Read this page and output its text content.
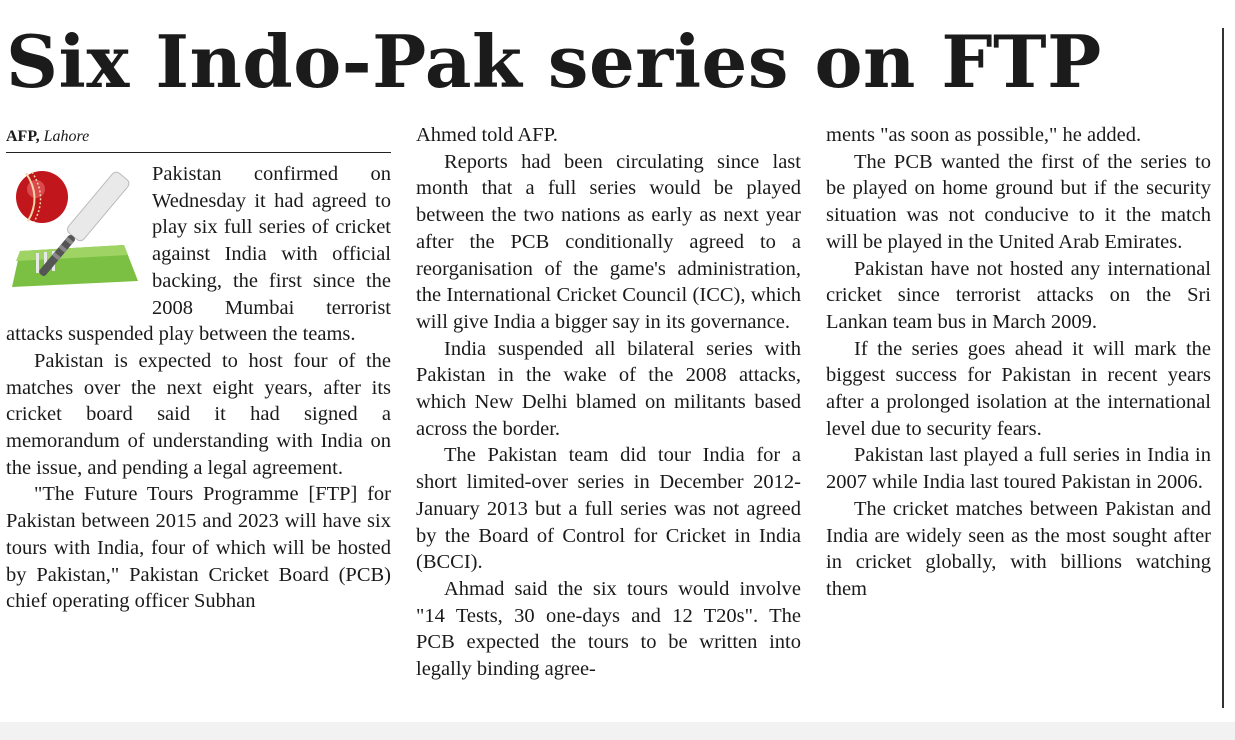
Six Indo-Pak series on FTP
AFP, Lahore

Pakistan confirmed on Wednesday it had agreed to play six full series of cricket against India with official backing, the first since the 2008 Mumbai terrorist attacks suspended play between the teams.

Pakistan is expected to host four of the matches over the next eight years, after its cricket board said it had signed a memorandum of understanding with India on the issue, and pending a legal agreement.

"The Future Tours Programme [FTP] for Pakistan between 2015 and 2023 will have six tours with India, four of which will be hosted by Pakistan," Pakistan Cricket Board (PCB) chief operating officer Subhan

Ahmed told AFP.

Reports had been circulating since last month that a full series would be played between the two nations as early as next year after the PCB conditionally agreed to a reorganisation of the game's administration, the International Cricket Council (ICC), which will give India a bigger say in its governance.

India suspended all bilateral series with Pakistan in the wake of the 2008 attacks, which New Delhi blamed on militants based across the border.

The Pakistan team did tour India for a short limited-over series in December 2012-January 2013 but a full series was not agreed by the Board of Control for Cricket in India (BCCI).

Ahmad said the six tours would involve "14 Tests, 30 one-days and 12 T20s". The PCB expected the tours to be written into legally binding agree-

ments "as soon as possible," he added.

The PCB wanted the first of the series to be played on home ground but if the security situation was not conducive to it the match will be played in the United Arab Emirates.

Pakistan have not hosted any international cricket since terrorist attacks on the Sri Lankan team bus in March 2009.

If the series goes ahead it will mark the biggest success for Pakistan in recent years after a prolonged isolation at the international level due to security fears.

Pakistan last played a full series in India in 2007 while India last toured Pakistan in 2006.

The cricket matches between Pakistan and India are widely seen as the most sought after in cricket globally, with billions watching them
